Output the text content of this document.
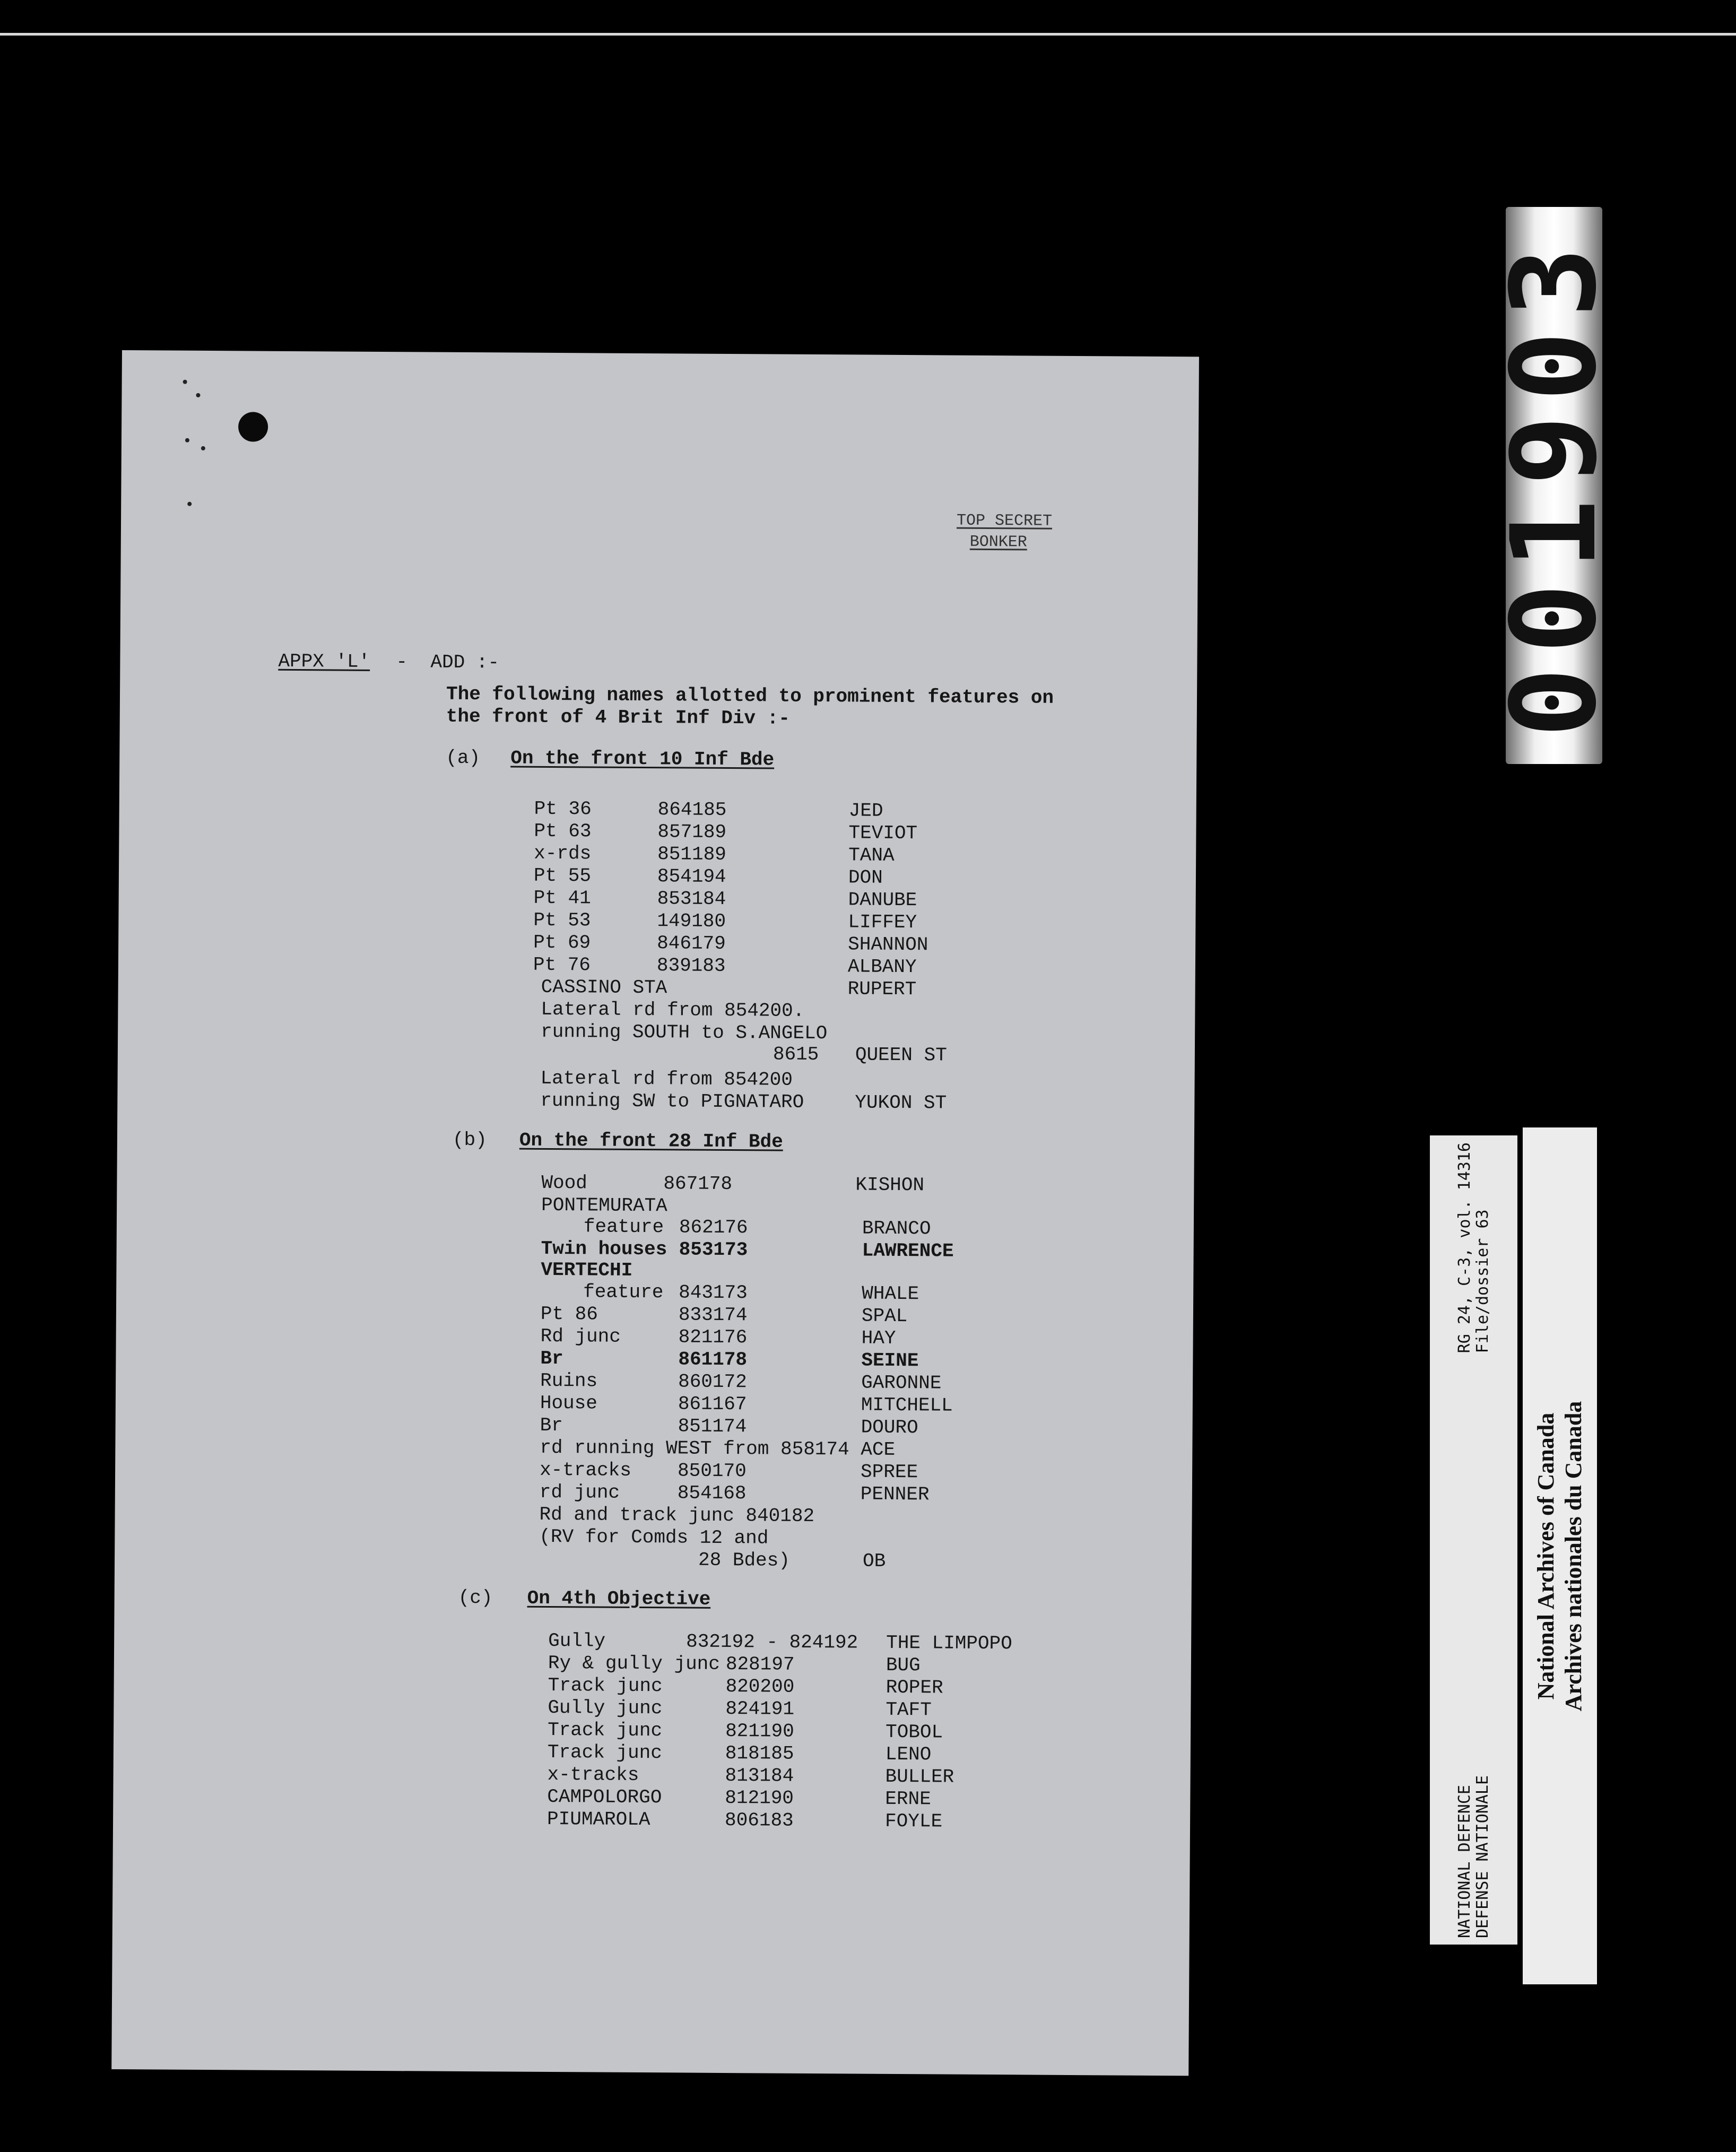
TOP SECRET
BONKER
APPX 'L' - ADD :-
The following names allotted to prominent features on
the front of 4 Brit Inf Div :-
(a) On the front 10 Inf Bde
Pt 36	864185	JED
Pt 63	857189	TEVIOT
x-rds	851189	TANA
Pt 55	854194	DON
Pt 41	853184	DANUBE
Pt 53	149180	LIFFEY
Pt 69	846179	SHANNON
Pt 76	839183	ALBANY
CASSINO STA	RUPERT
Lateral rd from 854200.
running SOUTH to S.ANGELO
8615 QUEEN ST
Lateral rd from 854200
running SW to PIGNATARO	YUKON ST
(b) On the front 28 Inf Bde
Wood	867178	KISHON
PONTEMURATA
feature 862176	BRANCO
Twin houses 853173	LAWRENCE
VERTECHI
feature 843173	WHALE
Pt 86	833174	SPAL
Rd junc	821176	HAY
Br	861178	SEINE
Ruins	860172	GARONNE
House	861167	MITCHELL
Br	851174	DOURO
rd running WEST from 858174 ACE
x-tracks 850170	SPREE
rd junc	854168	PENNER
Rd and track junc 840182
(RV for Comds 12 and
28 Bdes)	OB
(c) On 4th Objective
Gully	832192 - 824192 THE LIMPOPO
Ry & gully junc 828197	BUG
Track junc	820200	ROPER
Gully junc	824191	TAFT
Track junc	821190	TOBOL
Track junc	818185	LENO
x-tracks	813184	BULLER
CAMPOLORGO	812190	ERNE
PIUMAROLA	806183	FOYLE
001903
NATIONAL DEFENCE DEFENSE NATIONALE
RG 24, C-3, vol. 14316 File/dossier 63
National Archives of Canada Archives nationales du Canada
